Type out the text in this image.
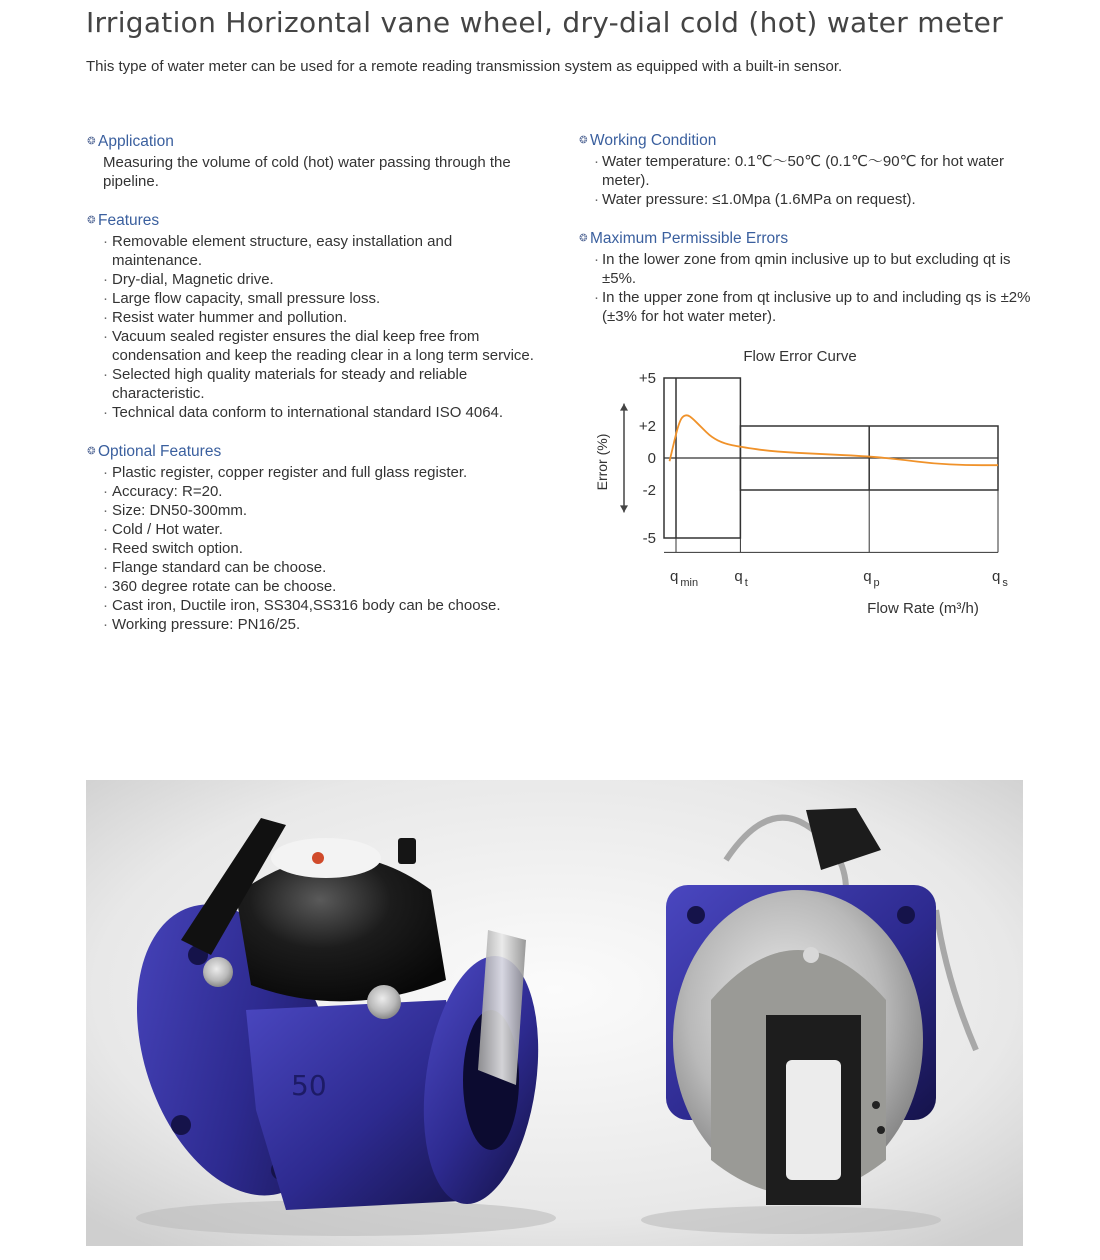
Irrigation Horizontal vane wheel, dry-dial cold (hot) water meter

This type of water meter can be used for a remote reading transmission system as equipped with a built-in sensor.

❂ Application
Measuring the volume of cold (hot) water passing through the pipeline.
❂ Features
· Removable element structure, easy installation and maintenance.
· Dry-dial, Magnetic drive.
· Large flow capacity, small pressure loss.
· Resist water hummer and pollution.
· Vacuum sealed register ensures the dial keep free from condensation and keep the reading clear in a long term service.
· Selected high quality materials for steady and reliable characteristic.
· Technical data conform to international standard ISO 4064.
❂ Optional Features
· Plastic register, copper register and full glass register.
· Accuracy: R=20.
· Size: DN50-300mm.
· Cold / Hot water.
· Reed switch option.
· Flange standard can be choose.
· 360 degree rotate can be choose.
· Cast iron, Ductile iron, SS304,SS316 body can be choose.
· Working pressure: PN16/25.
❂ Working Condition
· Water temperature: 0.1℃～50℃ (0.1℃～90℃ for hot water meter).
· Water pressure: ≤1.0Mpa (1.6MPa on request).
❂ Maximum Permissible Errors
· In the lower zone from qmin inclusive up to but excluding qt is ±5%.
· In the upper zone from qt inclusive up to and including qs is ±2% (±3% for hot water meter).
Flow Error Curve
Error (%)
Flow Rate (m³/h)
+5
+2
0
-2
-5
q $_{min}$ q $_t$	q $_p$	q $_s$
50
